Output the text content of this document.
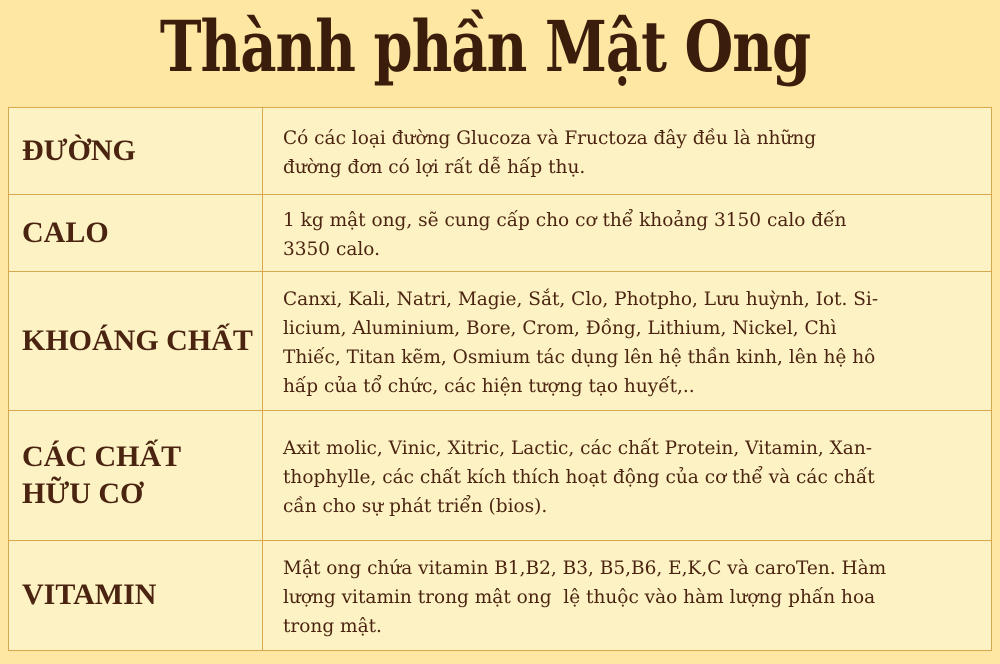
Thành phần Mật Ong
ĐƯỜNG	Có các loại đường Glucoza và Fructoza đây đều là những
đường đơn có lợi rất dễ hấp thụ.

CALO	1 kg mật ong, sẽ cung cấp cho cơ thể khoảng 3150 calo đến
3350 calo.

KHOÁNG CHẤT	Canxi, Kali, Natri, Magie, Sắt, Clo, Photpho, Lưu huỳnh, Iot. Si-
licium, Aluminium, Bore, Crom, Đồng, Lithium, Nickel, Chì
Thiếc, Titan kẽm, Osmium tác dụng lên hệ thần kinh, lên hệ hô
hấp của tổ chức, các hiện tượng tạo huyết,..

CÁC CHẤT
HỮU CƠ	Axit molic, Vinic, Xitric, Lactic, các chất Protein, Vitamin, Xan-
thophylle, các chất kích thích hoạt động của cơ thể và các chất
cần cho sự phát triển (bios).

VITAMIN	Mật ong chứa vitamin B1,B2, B3, B5,B6, E,K,C và caroTen. Hàm
lượng vitamin trong mật ong  lệ thuộc vào hàm lượng phấn hoa
trong mật.
